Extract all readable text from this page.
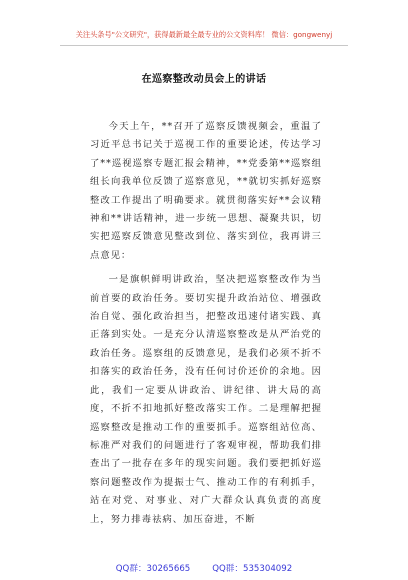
关注头条号"公文研究"，获得最新最全最专业的公文资料库！ 微信：gongwenyj
在巡察整改动员会上的讲话

今天上午，**召开了巡察反馈视频会，重温了习近平总书记关于巡视工作的重要论述，传达学习了**巡视巡察专题汇报会精神，**党委第**巡察组组长向我单位反馈了巡察意见，**就切实抓好巡察整改工作提出了明确要求。就贯彻落实好**会议精神和**讲话精神，进一步统一思想、凝聚共识，切实把巡察反馈意见整改到位、落实到位，我再讲三点意见：

一是旗帜鲜明讲政治，坚决把巡察整改作为当前首要的政治任务。要切实提升政治站位、增强政治自觉、强化政治担当，把整改迅速付诸实践、真正落到实处。一是充分认清巡察整改是从严治党的政治任务。巡察组的反馈意见，是我们必须不折不扣落实的政治任务，没有任何讨价还价的余地。因此，我们一定要从讲政治、讲纪律、讲大局的高度，不折不扣地抓好整改落实工作。二是理解把握巡察整改是推动工作的重要抓手。巡察组站位高、标准严对我们的问题进行了客观审视，帮助我们排查出了一批存在多年的现实问题。我们要把抓好巡察问题整改作为提振士气、推动工作的有利抓手，站在对党、对事业、对广大群众认真负责的高度上，努力排毒祛病、加压奋进，不断

QQ群：30265665	QQ群：535304092
